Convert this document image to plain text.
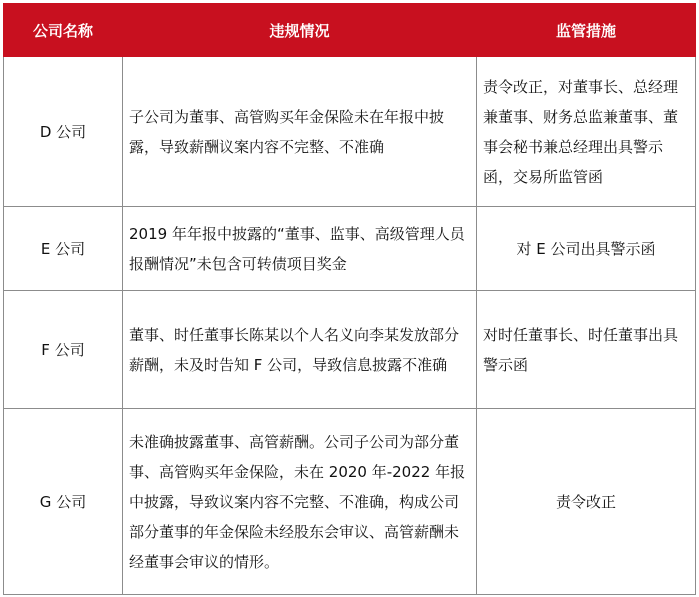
公司名称	违规情况	监管措施
D 公司	子公司为董事、高管购买年金保险未在年报中披露，导致薪酬议案内容不完整、不准确	责令改正，对董事长、总经理兼董事、财务总监兼董事、董事会秘书兼总经理出具警示函，交易所监管函
E 公司	2019 年年报中披露的“董事、监事、高级管理人员报酬情况”未包含可转债项目奖金	对 E 公司出具警示函
F 公司	董事、时任董事长陈某以个人名义向李某发放部分薪酬，未及时告知 F 公司，导致信息披露不准确	对时任董事长、时任董事出具警示函
G 公司	未准确披露董事、高管薪酬。公司子公司为部分董事、高管购买年金保险，未在 2020 年-2022 年报中披露，导致议案内容不完整、不准确，构成公司部分董事的年金保险未经股东会审议、高管薪酬未经董事会审议的情形。	责令改正
